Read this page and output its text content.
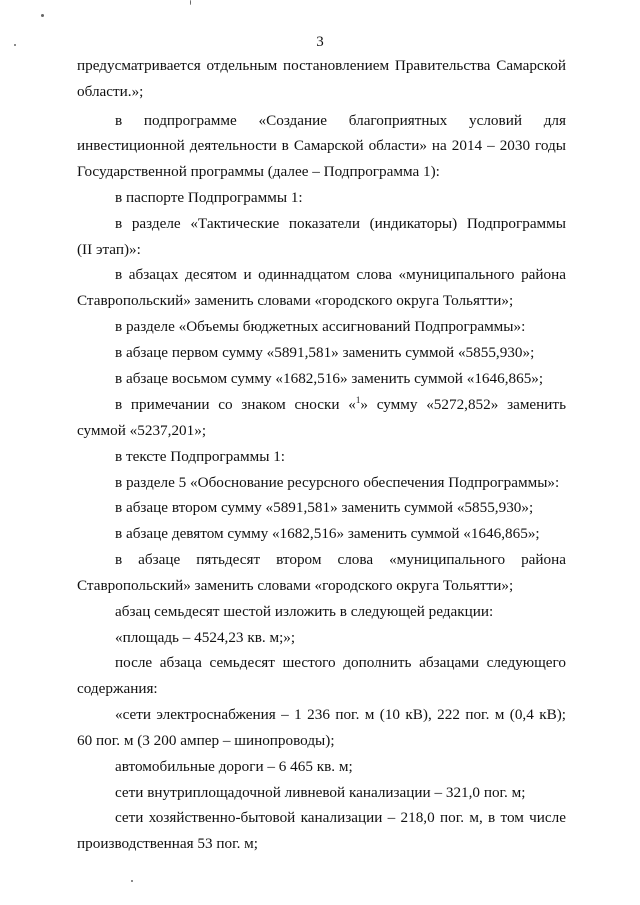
3
предусматривается отдельным постановлением Правительства Самарской
области.»;
в подпрограмме «Создание благоприятных условий для
инвестиционной деятельности в Самарской области» на 2014 – 2030 годы
Государственной программы (далее – Подпрограмма 1):
в паспорте Подпрограммы 1:
в разделе «Тактические показатели (индикаторы) Подпрограммы
(II этап)»:
в абзацах десятом и одиннадцатом слова «муниципального района
Ставропольский» заменить словами «городского округа Тольятти»;
в разделе «Объемы бюджетных ассигнований Подпрограммы»:
в абзаце первом сумму «5891,581» заменить суммой «5855,930»;
в абзаце восьмом сумму «1682,516» заменить суммой «1646,865»;
в примечании со знаком сноски «$^1$» сумму «5272,852» заменить
суммой «5237,201»;
в тексте Подпрограммы 1:
в разделе 5 «Обоснование ресурсного обеспечения Подпрограммы»:
в абзаце втором сумму «5891,581» заменить суммой «5855,930»;
в абзаце девятом сумму «1682,516» заменить суммой «1646,865»;
в абзаце пятьдесят втором слова «муниципального района
Ставропольский» заменить словами «городского округа Тольятти»;
абзац семьдесят шестой изложить в следующей редакции:
«площадь – 4524,23 кв. м;»;
после абзаца семьдесят шестого дополнить абзацами следующего
содержания:
«сети электроснабжения – 1 236 пог. м (10 кВ), 222 пог. м (0,4 кВ);
60 пог. м (3 200 ампер – шинопроводы);
автомобильные дороги – 6 465 кв. м;
сети внутриплощадочной ливневой канализации – 321,0 пог. м;
сети хозяйственно-бытовой канализации – 218,0 пог. м, в том числе
производственная 53 пог. м;
